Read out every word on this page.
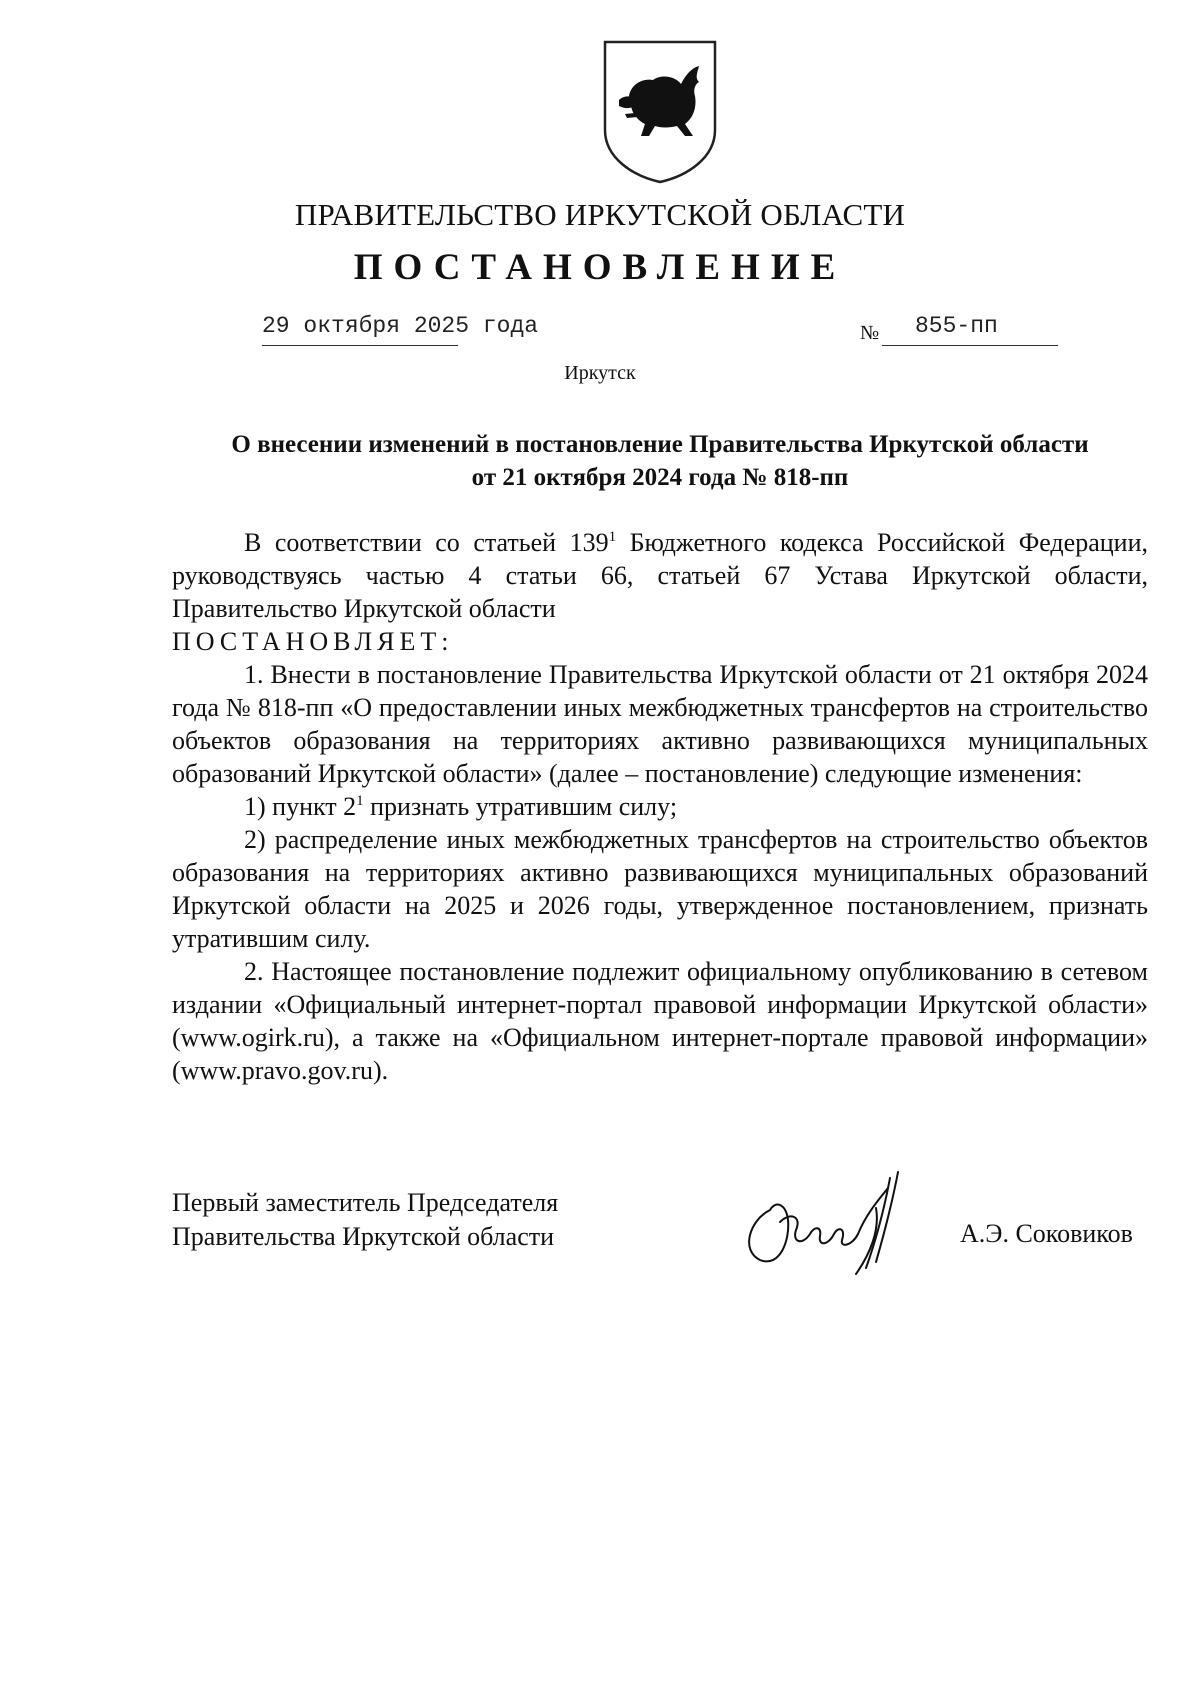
ПРАВИТЕЛЬСТВО ИРКУТСКОЙ ОБЛАСТИ
ПОСТАНОВЛЕНИЕ
29 октября 2025 года	№ 855-пп
Иркутск
О внесении изменений в постановление Правительства Иркутской области
от 21 октября 2024 года № 818-пп

В соответствии со статьей $139^1$ Бюджетного кодекса Российской Федерации, руководствуясь частью 4 статьи 66, статьей 67 Устава Иркутской области, Правительство Иркутской области

ПОСТАНОВЛЯЕТ:

1. Внести в постановление Правительства Иркутской области от 21 октября 2024 года № 818-пп «О предоставлении иных межбюджетных трансфертов на строительство объектов образования на территориях активно развивающихся муниципальных образований Иркутской области» (далее – постановление) следующие изменения:

1) пункт $2^1$ признать утратившим силу;

2) распределение иных межбюджетных трансфертов на строительство объектов образования на территориях активно развивающихся муниципальных образований Иркутской области на 2025 и 2026 годы, утвержденное постановлением, признать утратившим силу.

2. Настоящее постановление подлежит официальному опубликованию в сетевом издании «Официальный интернет-портал правовой информации Иркутской области» (www.ogirk.ru), а также на «Официальном интернет-портале правовой информации» (www.pravo.gov.ru).

Первый заместитель Председателя
Правительства Иркутской области	А.Э. Соковиков
